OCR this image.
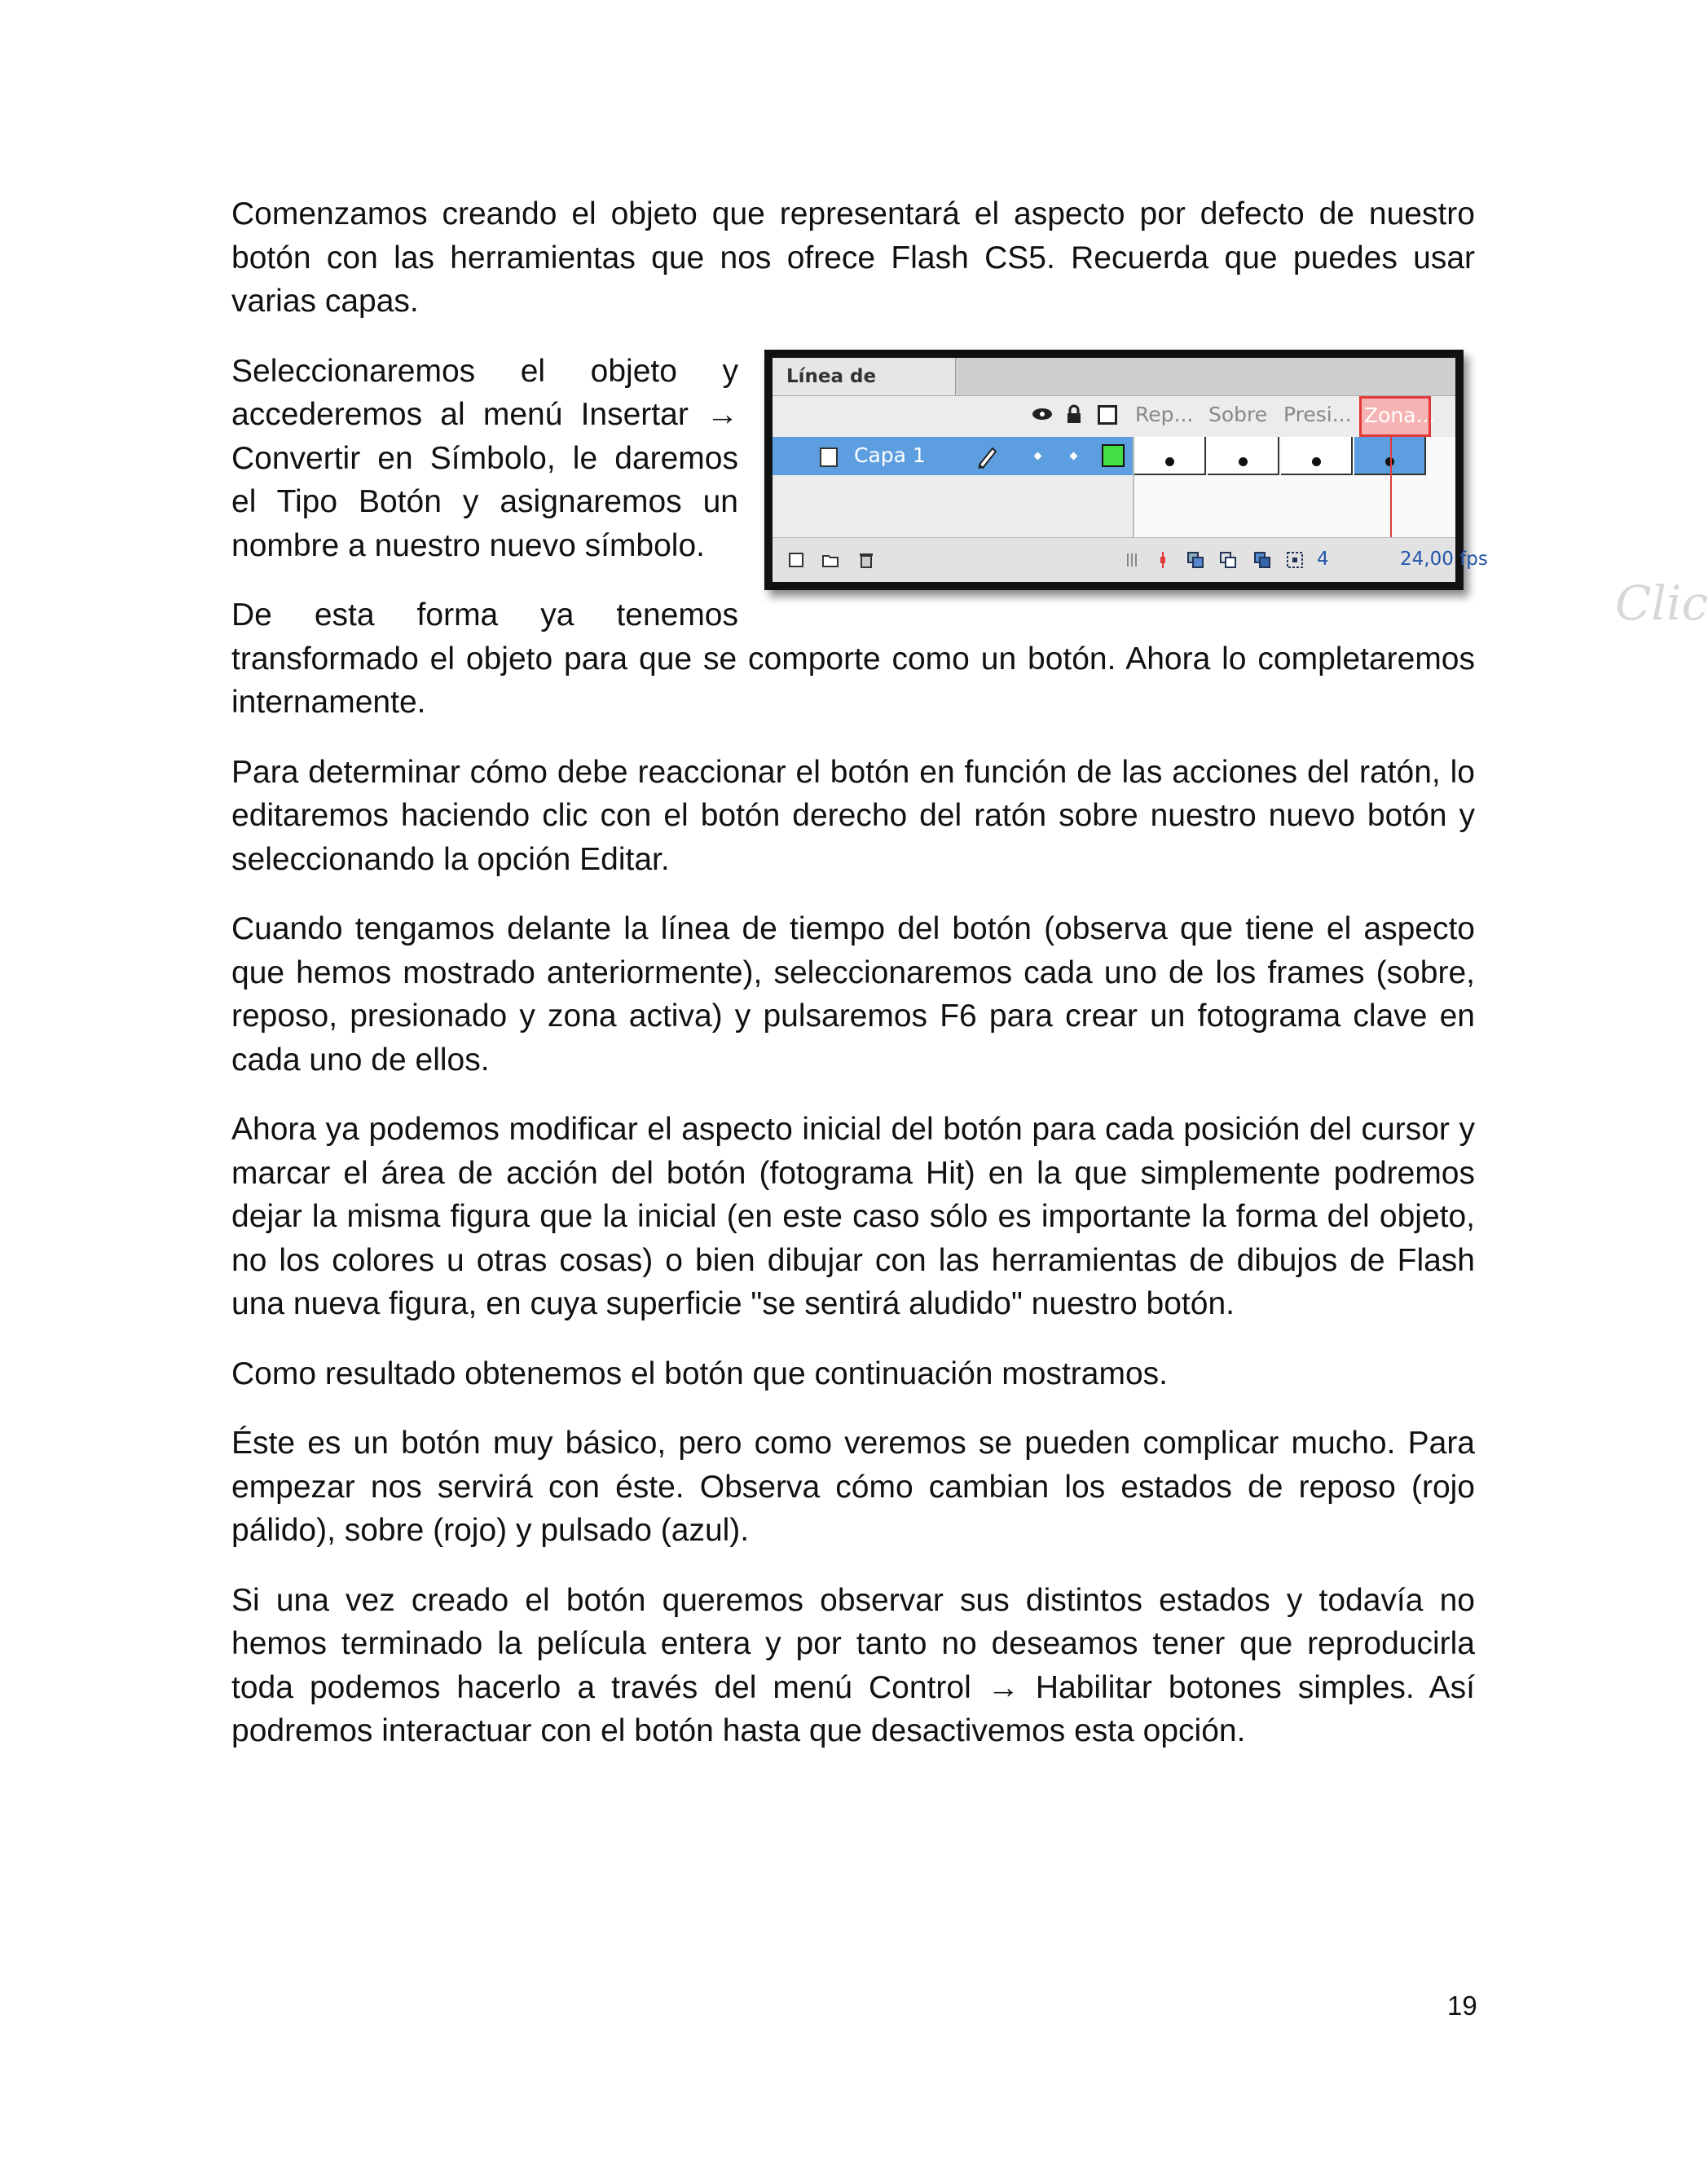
Comenzamos creando el objeto que representará el aspecto por defecto de nuestro botón con las herramientas que nos ofrece Flash CS5. Recuerda que puedes usar varias capas.

Línea de
Rep... Sobre Presi... Zona...
Capa 1
Clic
4	24,00 fps

Seleccionaremos el objeto y accederemos al menú Insertar → Convertir en Símbolo, le daremos el Tipo Botón y asignaremos un nombre a nuestro nuevo símbolo.

De esta forma ya tenemos transformado el objeto para que se comporte como un botón. Ahora lo completaremos internamente.

Para determinar cómo debe reaccionar el botón en función de las acciones del ratón, lo editaremos haciendo clic con el botón derecho del ratón sobre nuestro nuevo botón y seleccionando la opción Editar.

Cuando tengamos delante la línea de tiempo del botón (observa que tiene el aspecto que hemos mostrado anteriormente), seleccionaremos cada uno de los frames (sobre, reposo, presionado y zona activa) y pulsaremos F6 para crear un fotograma clave en cada uno de ellos.

Ahora ya podemos modificar el aspecto inicial del botón para cada posición del cursor y marcar el área de acción del botón (fotograma Hit) en la que simplemente podremos dejar la misma figura que la inicial (en este caso sólo es importante la forma del objeto, no los colores u otras cosas) o bien dibujar con las herramientas de dibujos de Flash una nueva figura, en cuya superficie "se sentirá aludido" nuestro botón.

Como resultado obtenemos el botón que continuación mostramos.

Éste es un botón muy básico, pero como veremos se pueden complicar mucho. Para empezar nos servirá con éste. Observa cómo cambian los estados de reposo (rojo pálido), sobre (rojo) y pulsado (azul).

Si una vez creado el botón queremos observar sus distintos estados y todavía no hemos terminado la película entera y por tanto no deseamos tener que reproducirla toda podemos hacerlo a través del menú Control → Habilitar botones simples. Así podremos interactuar con el botón hasta que desactivemos esta opción.

19
